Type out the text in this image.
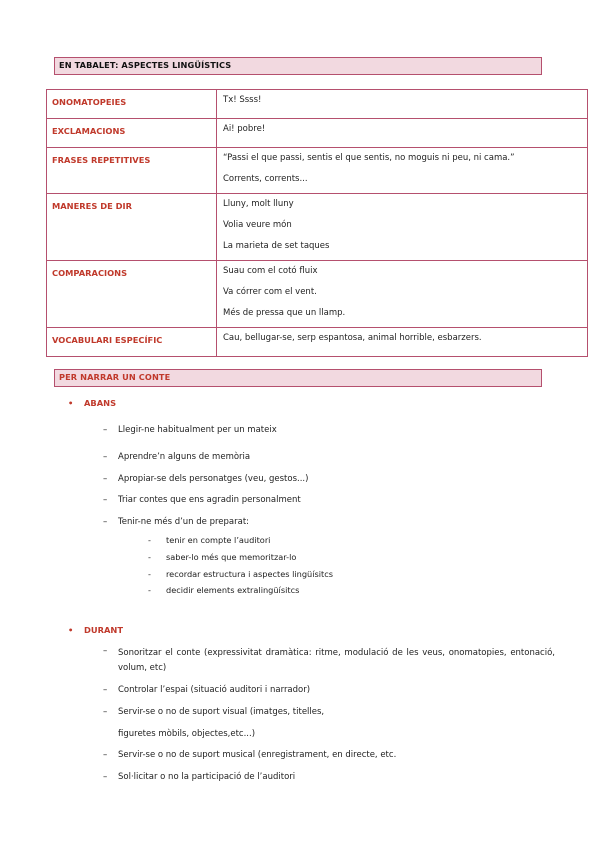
EN TABALET: ASPECTES LINGÜÍSTICS
ONOMATOPEIES	Tx! Ssss!

EXCLAMACIONS	Ai! pobre!

FRASES REPETITIVES	“Passi el que passi, sentis el que sentis, no moguis ni peu, ni cama.”
Corrents, corrents...

MANERES DE DIR	Lluny, molt lluny
Volia veure món
La marieta de set taques

COMPARACIONS	Suau com el cotó fluix
Va córrer com el vent.
Més de pressa que un llamp.

VOCABULARI ESPECÍFIC	Cau, bellugar-se, serp espantosa, animal horrible, esbarzers.
PER NARRAR UN CONTE
• ABANS
– Llegir-ne habitualment per un mateix
– Aprendre’n alguns de memòria
– Apropiar-se dels personatges (veu, gestos...)
– Triar contes que ens agradin personalment
– Tenir-ne més d’un de preparat:
- tenir en compte l’auditori
- saber-lo més que memoritzar-lo
- recordar estructura i aspectes lingüísitcs
- decidir elements extralingüísitcs
• DURANT
– Sonoritzar el conte (expressivitat dramàtica: ritme, modulació de les veus, onomatopies, entonació, volum, etc)
– Controlar l’espai (situació auditori i narrador)
– Servir-se o no de suport visual (imatges, titelles,
figuretes mòbils, objectes,etc...)
– Servir-se o no de suport musical (enregistrament, en directe, etc.
– Sol·licitar o no la participació de l’auditori
